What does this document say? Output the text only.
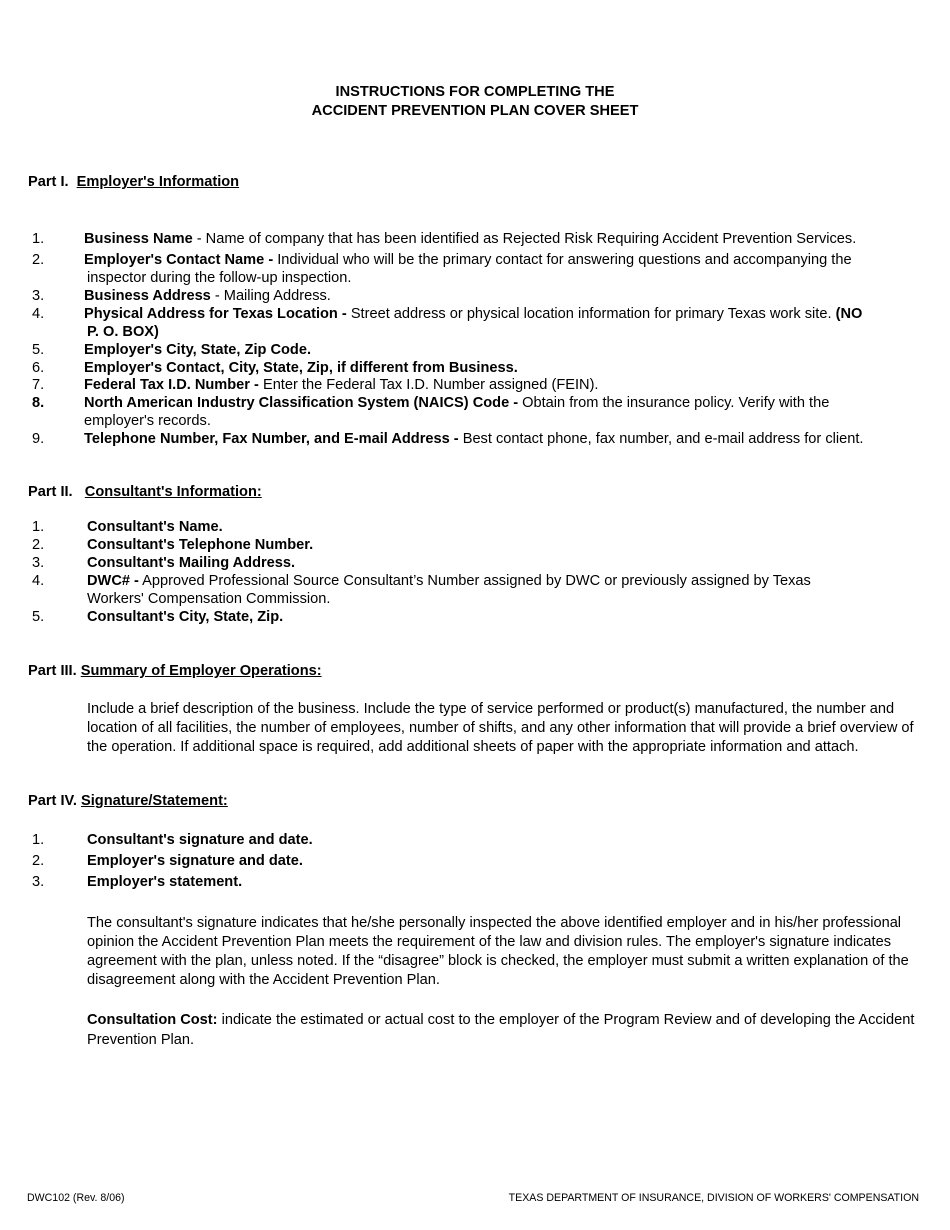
INSTRUCTIONS FOR COMPLETING THE
ACCIDENT PREVENTION PLAN COVER SHEET
Part I. Employer's Information
1.	Business Name - Name of company that has been identified as Rejected Risk Requiring Accident Prevention Services.
2.	Employer's Contact Name - Individual who will be the primary contact for answering questions and accompanying the
inspector during the follow-up inspection.
3.	Business Address - Mailing Address.
4.	Physical Address for Texas Location - Street address or physical location information for primary Texas work site. (NO
P. O. BOX)
5.	Employer's City, State, Zip Code.
6.	Employer's Contact, City, State, Zip, if different from Business.
7.	Federal Tax I.D. Number - Enter the Federal Tax I.D. Number assigned (FEIN).
8.	North American Industry Classification System (NAICS) Code - Obtain from the insurance policy. Verify with the
employer's records.
9.	Telephone Number, Fax Number, and E-mail Address - Best contact phone, fax number, and e-mail address for client.
Part II. Consultant's Information:
1.	Consultant's Name.
2.	Consultant's Telephone Number.
3.	Consultant's Mailing Address.
4.	DWC# - Approved Professional Source Consultant’s Number assigned by DWC or previously assigned by Texas
Workers' Compensation Commission.
5.	Consultant's City, State, Zip.
Part III. Summary of Employer Operations:
Include a brief description of the business. Include the type of service performed or product(s) manufactured, the number and location of all facilities, the number of employees, number of shifts, and any other information that will provide a brief overview of the operation. If additional space is required, add additional sheets of paper with the appropriate information and attach.
Part IV. Signature/Statement:
1.	Consultant's signature and date.
2.	Employer's signature and date.
3.	Employer's statement.
The consultant's signature indicates that he/she personally inspected the above identified employer and in his/her professional opinion the Accident Prevention Plan meets the requirement of the law and division rules. The employer's signature indicates agreement with the plan, unless noted. If the “disagree” block is checked, the employer must submit a written explanation of the disagreement along with the Accident Prevention Plan.
Consultation Cost: indicate the estimated or actual cost to the employer of the Program Review and of developing the Accident Prevention Plan.
DWC102 (Rev. 8/06)	TEXAS DEPARTMENT OF INSURANCE, DIVISION OF WORKERS' COMPENSATION
